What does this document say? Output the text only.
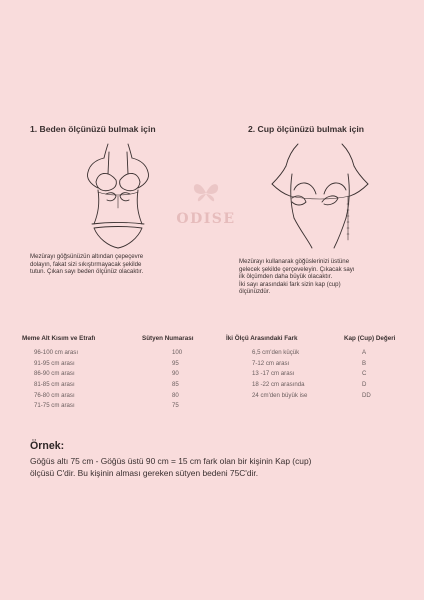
1. Beden ölçünüzü bulmak için
ODISE
Mezürayı göğsünüzün altından çepeçevre
dolayın, fakat sizi sıkıştırmayacak şekilde
tutun. Çıkan sayı beden ölçünüz olacaktır.
2. Cup ölçünüzü bulmak için
Mezürayı kullanarak göğüslerinizi üstüne
gelecek şekilde çerçeveleyin. Çıkacak sayı
ilk ölçümden daha büyük olacaktır.
İki sayı arasındaki fark sizin kap (cup)
ölçünüzdür.
Meme Alt Kısım ve Etrafı	Sütyen Numarası
96-100 cm arası	100
91-95 cm arası	95
86-90 cm arası	90
81-85 cm arası	85
76-80 cm arası	80
71-75 cm arası	75
İki Ölçü Arasındaki Fark	Kap (Cup) Değeri
6,5 cm'den küçük	A
7-12 cm arası	B
13 -17 cm arası	C
18 -22 cm arasında	D
24 cm'den büyük ise	DD
Örnek:
Göğüs altı 75 cm - Göğüs üstü 90 cm = 15 cm fark olan bir kişinin Kap (cup)
ölçüsü C'dir. Bu kişinin alması gereken sütyen bedeni 75C'dir.
